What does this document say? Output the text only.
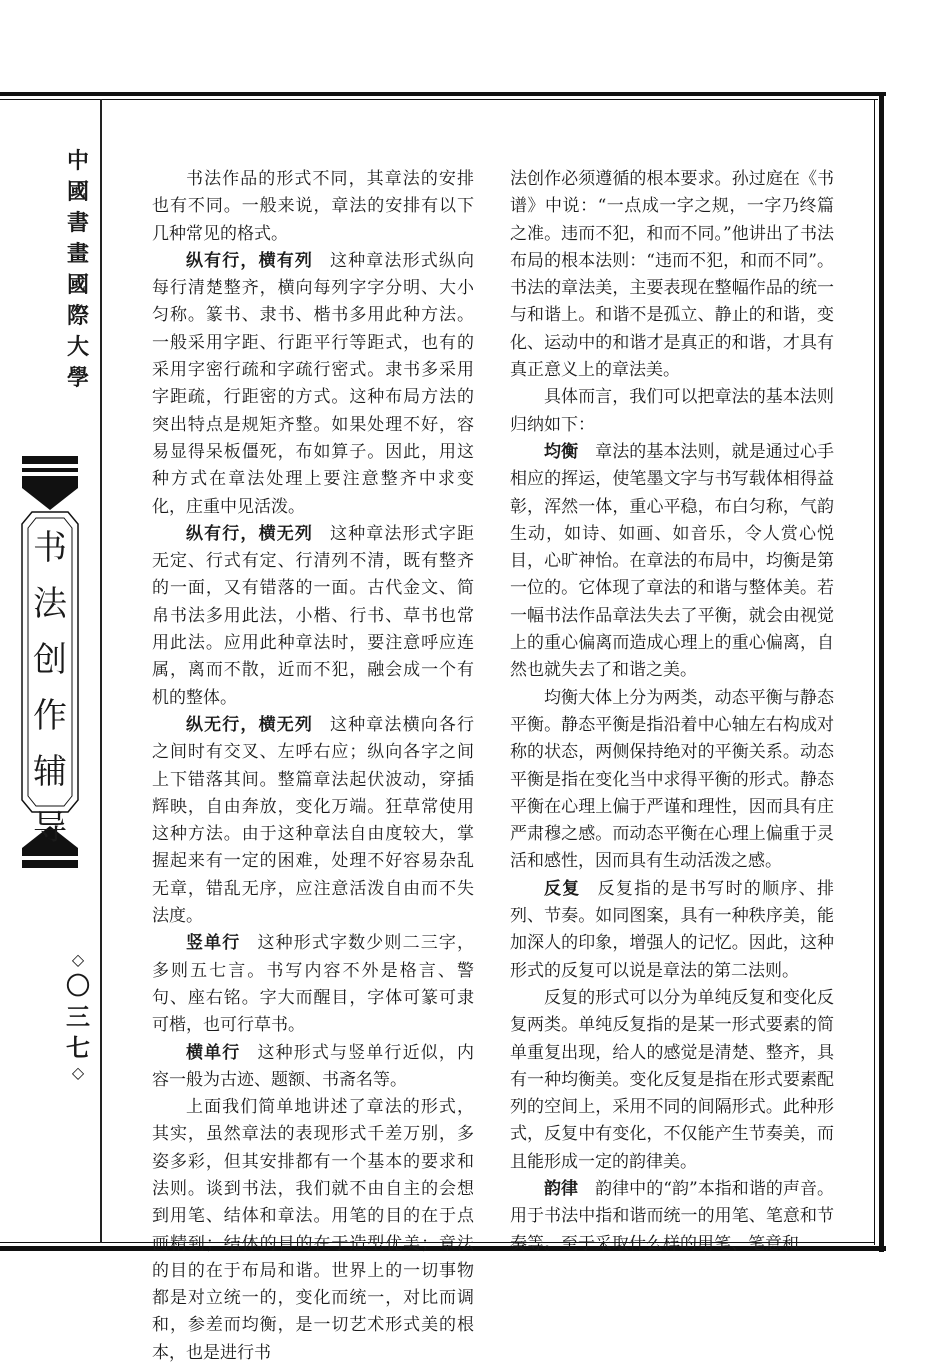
中
國
書
畫
國
際
大
學
书
法
创
作
辅
导
◇
〇
三
七
◇

书法作品的形式不同，其章法的安排也有不同。一般来说，章法的安排有以下几种常见的格式。

纵有行，横有列 这种章法形式纵向每行清楚整齐，横向每列字字分明、大小匀称。篆书、隶书、楷书多用此种方法。一般采用字距、行距平行等距式，也有的采用字密行疏和字疏行密式。隶书多采用字距疏，行距密的方式。这种布局方法的突出特点是规矩齐整。如果处理不好，容易显得呆板僵死，布如算子。因此，用这种方式在章法处理上要注意整齐中求变化，庄重中见活泼。

纵有行，横无列 这种章法形式字距无定、行式有定、行清列不清，既有整齐的一面，又有错落的一面。古代金文、简帛书法多用此法，小楷、行书、草书也常用此法。应用此种章法时，要注意呼应连属，离而不散，近而不犯，融会成一个有机的整体。

纵无行，横无列 这种章法横向各行之间时有交叉、左呼右应；纵向各字之间上下错落其间。整篇章法起伏波动，穿插辉映，自由奔放，变化万端。狂草常使用这种方法。由于这种章法自由度较大，掌握起来有一定的困难，处理不好容易杂乱无章，错乱无序，应注意活泼自由而不失法度。

竖单行 这种形式字数少则二三字，多则五七言。书写内容不外是格言、警句、座右铭。字大而醒目，字体可篆可隶可楷，也可行草书。

横单行 这种形式与竖单行近似，内容一般为古迹、题额、书斋名等。

上面我们简单地讲述了章法的形式，其实，虽然章法的表现形式千差万别，多姿多彩，但其安排都有一个基本的要求和法则。谈到书法，我们就不由自主的会想到用笔、结体和章法。用笔的目的在于点画精到；结体的目的在于造型优美；章法的目的在于布局和谐。世界上的一切事物都是对立统一的，变化而统一，对比而调和，参差而均衡，是一切艺术形式美的根本，也是进行书

法创作必须遵循的根本要求。孙过庭在《书谱》中说：“一点成一字之规，一字乃终篇之准。违而不犯，和而不同。”他讲出了书法布局的根本法则：“违而不犯，和而不同”。书法的章法美，主要表现在整幅作品的统一与和谐上。和谐不是孤立、静止的和谐，变化、运动中的和谐才是真正的和谐，才具有真正意义上的章法美。

具体而言，我们可以把章法的基本法则归纳如下：

均衡 章法的基本法则，就是通过心手相应的挥运，使笔墨文字与书写载体相得益彰，浑然一体，重心平稳，布白匀称，气韵生动，如诗、如画、如音乐，令人赏心悦目，心旷神怡。在章法的布局中，均衡是第一位的。它体现了章法的和谐与整体美。若一幅书法作品章法失去了平衡，就会由视觉上的重心偏离而造成心理上的重心偏离，自然也就失去了和谐之美。

均衡大体上分为两类，动态平衡与静态平衡。静态平衡是指沿着中心轴左右构成对称的状态，两侧保持绝对的平衡关系。动态平衡是指在变化当中求得平衡的形式。静态平衡在心理上偏于严谨和理性，因而具有庄严肃穆之感。而动态平衡在心理上偏重于灵活和感性，因而具有生动活泼之感。

反复 反复指的是书写时的顺序、排列、节奏。如同图案，具有一种秩序美，能加深人的印象，增强人的记忆。因此，这种形式的反复可以说是章法的第二法则。

反复的形式可以分为单纯反复和变化反复两类。单纯反复指的是某一形式要素的简单重复出现，给人的感觉是清楚、整齐，具有一种均衡美。变化反复是指在形式要素配列的空间上，采用不同的间隔形式。此种形式，反复中有变化，不仅能产生节奏美，而且能形成一定的韵律美。

韵律 韵律中的“韵”本指和谐的声音。用于书法中指和谐而统一的用笔、笔意和节奏等。至于采取什么样的用笔、笔意和
